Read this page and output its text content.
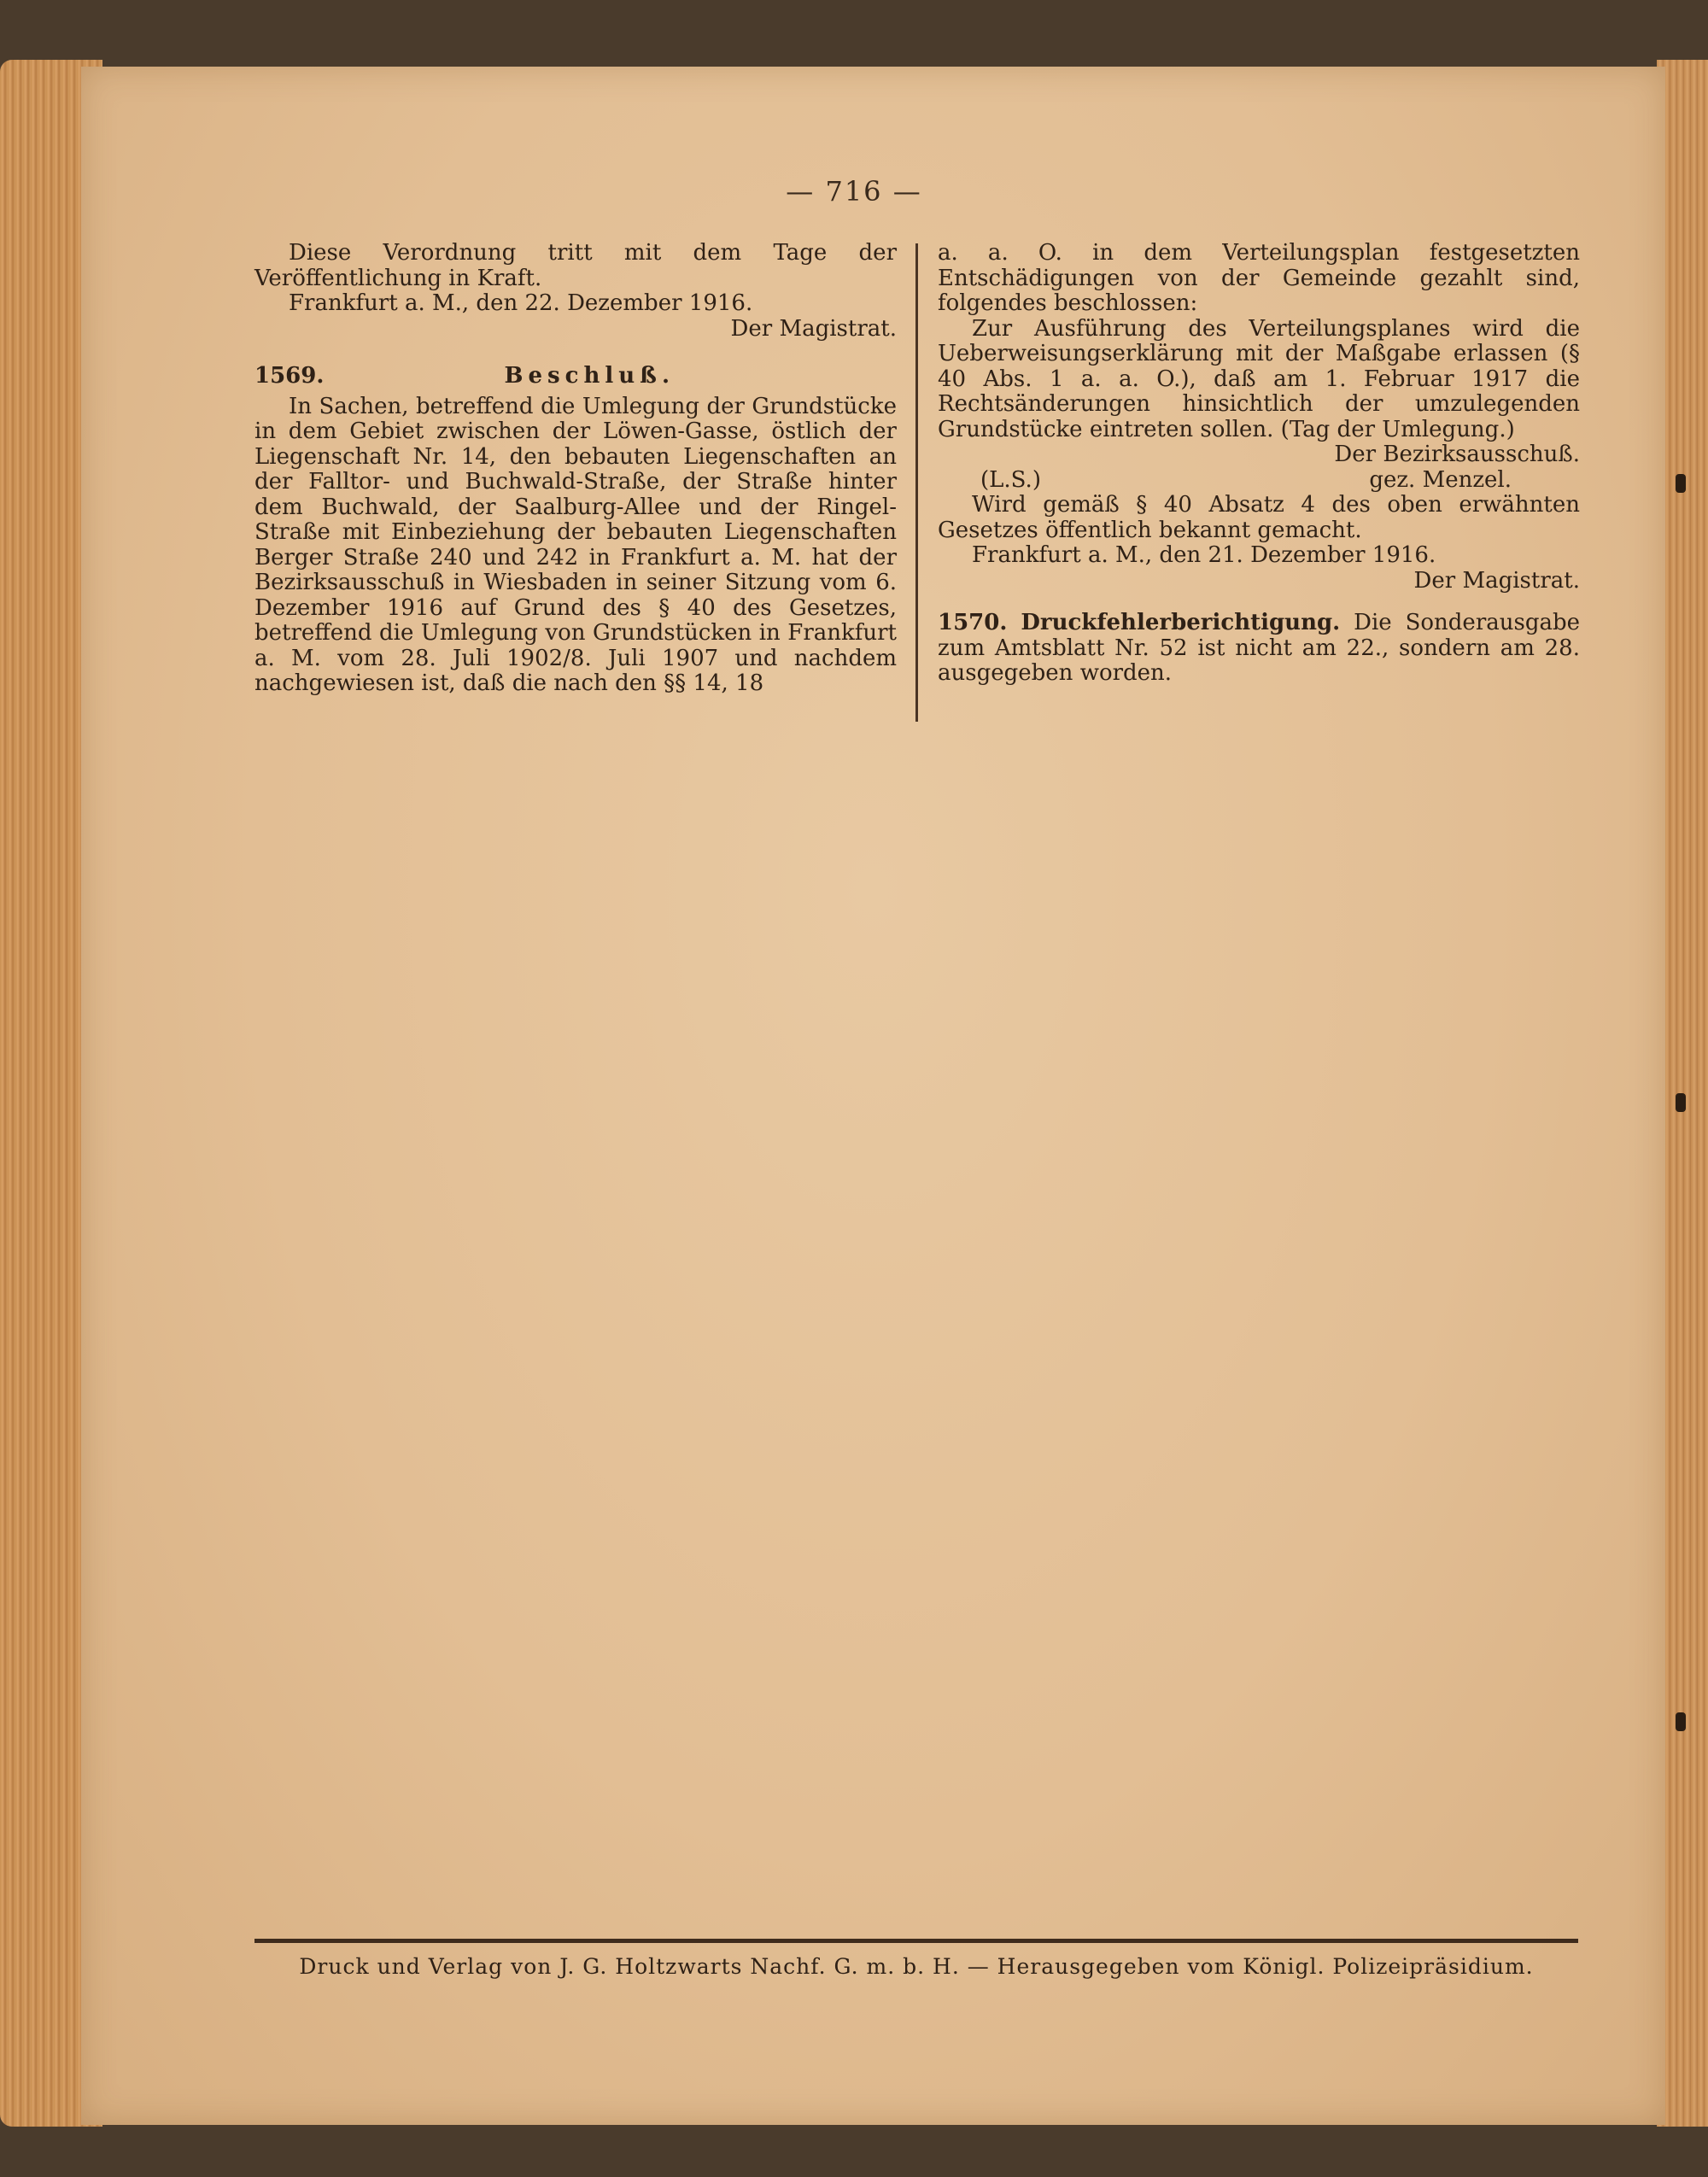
— 716 —

Diese Verordnung tritt mit dem Tage der Veröffentlichung in Kraft.

Frankfurt a. M., den 22. Dezember 1916.

Der Magistrat.

1569.	Beschluß.

In Sachen, betreffend die Umlegung der Grundstücke in dem Gebiet zwischen der Löwen-Gasse, östlich der Liegenschaft Nr. 14, den bebauten Liegenschaften an der Falltor- und Buchwald-Straße, der Straße hinter dem Buchwald, der Saalburg-Allee und der Ringel-Straße mit Einbeziehung der bebauten Liegenschaften Berger Straße 240 und 242 in Frankfurt a. M. hat der Bezirksausschuß in Wiesbaden in seiner Sitzung vom 6. Dezember 1916 auf Grund des § 40 des Gesetzes, betreffend die Umlegung von Grundstücken in Frankfurt a. M. vom 28. Juli 1902/8. Juli 1907 und nachdem nachgewiesen ist, daß die nach den §§ 14, 18

a. a. O. in dem Verteilungsplan festgesetzten Entschädigungen von der Gemeinde gezahlt sind, folgendes beschlossen:

Zur Ausführung des Verteilungsplanes wird die Ueberweisungserklärung mit der Maßgabe erlassen (§ 40 Abs. 1 a. a. O.), daß am 1. Februar 1917 die Rechtsänderungen hinsichtlich der umzulegenden Grundstücke eintreten sollen. (Tag der Umlegung.)

Der Bezirksausschuß.

(L.S.)	gez. Menzel.

Wird gemäß § 40 Absatz 4 des oben erwähnten Gesetzes öffentlich bekannt gemacht.

Frankfurt a. M., den 21. Dezember 1916.

Der Magistrat.

1570. Druckfehlerberichtigung. Die Sonderausgabe zum Amtsblatt Nr. 52 ist nicht am 22., sondern am 28. ausgegeben worden.

Druck und Verlag von J. G. Holtzwarts Nachf. G. m. b. H. — Herausgegeben vom Königl. Polizeipräsidium.
